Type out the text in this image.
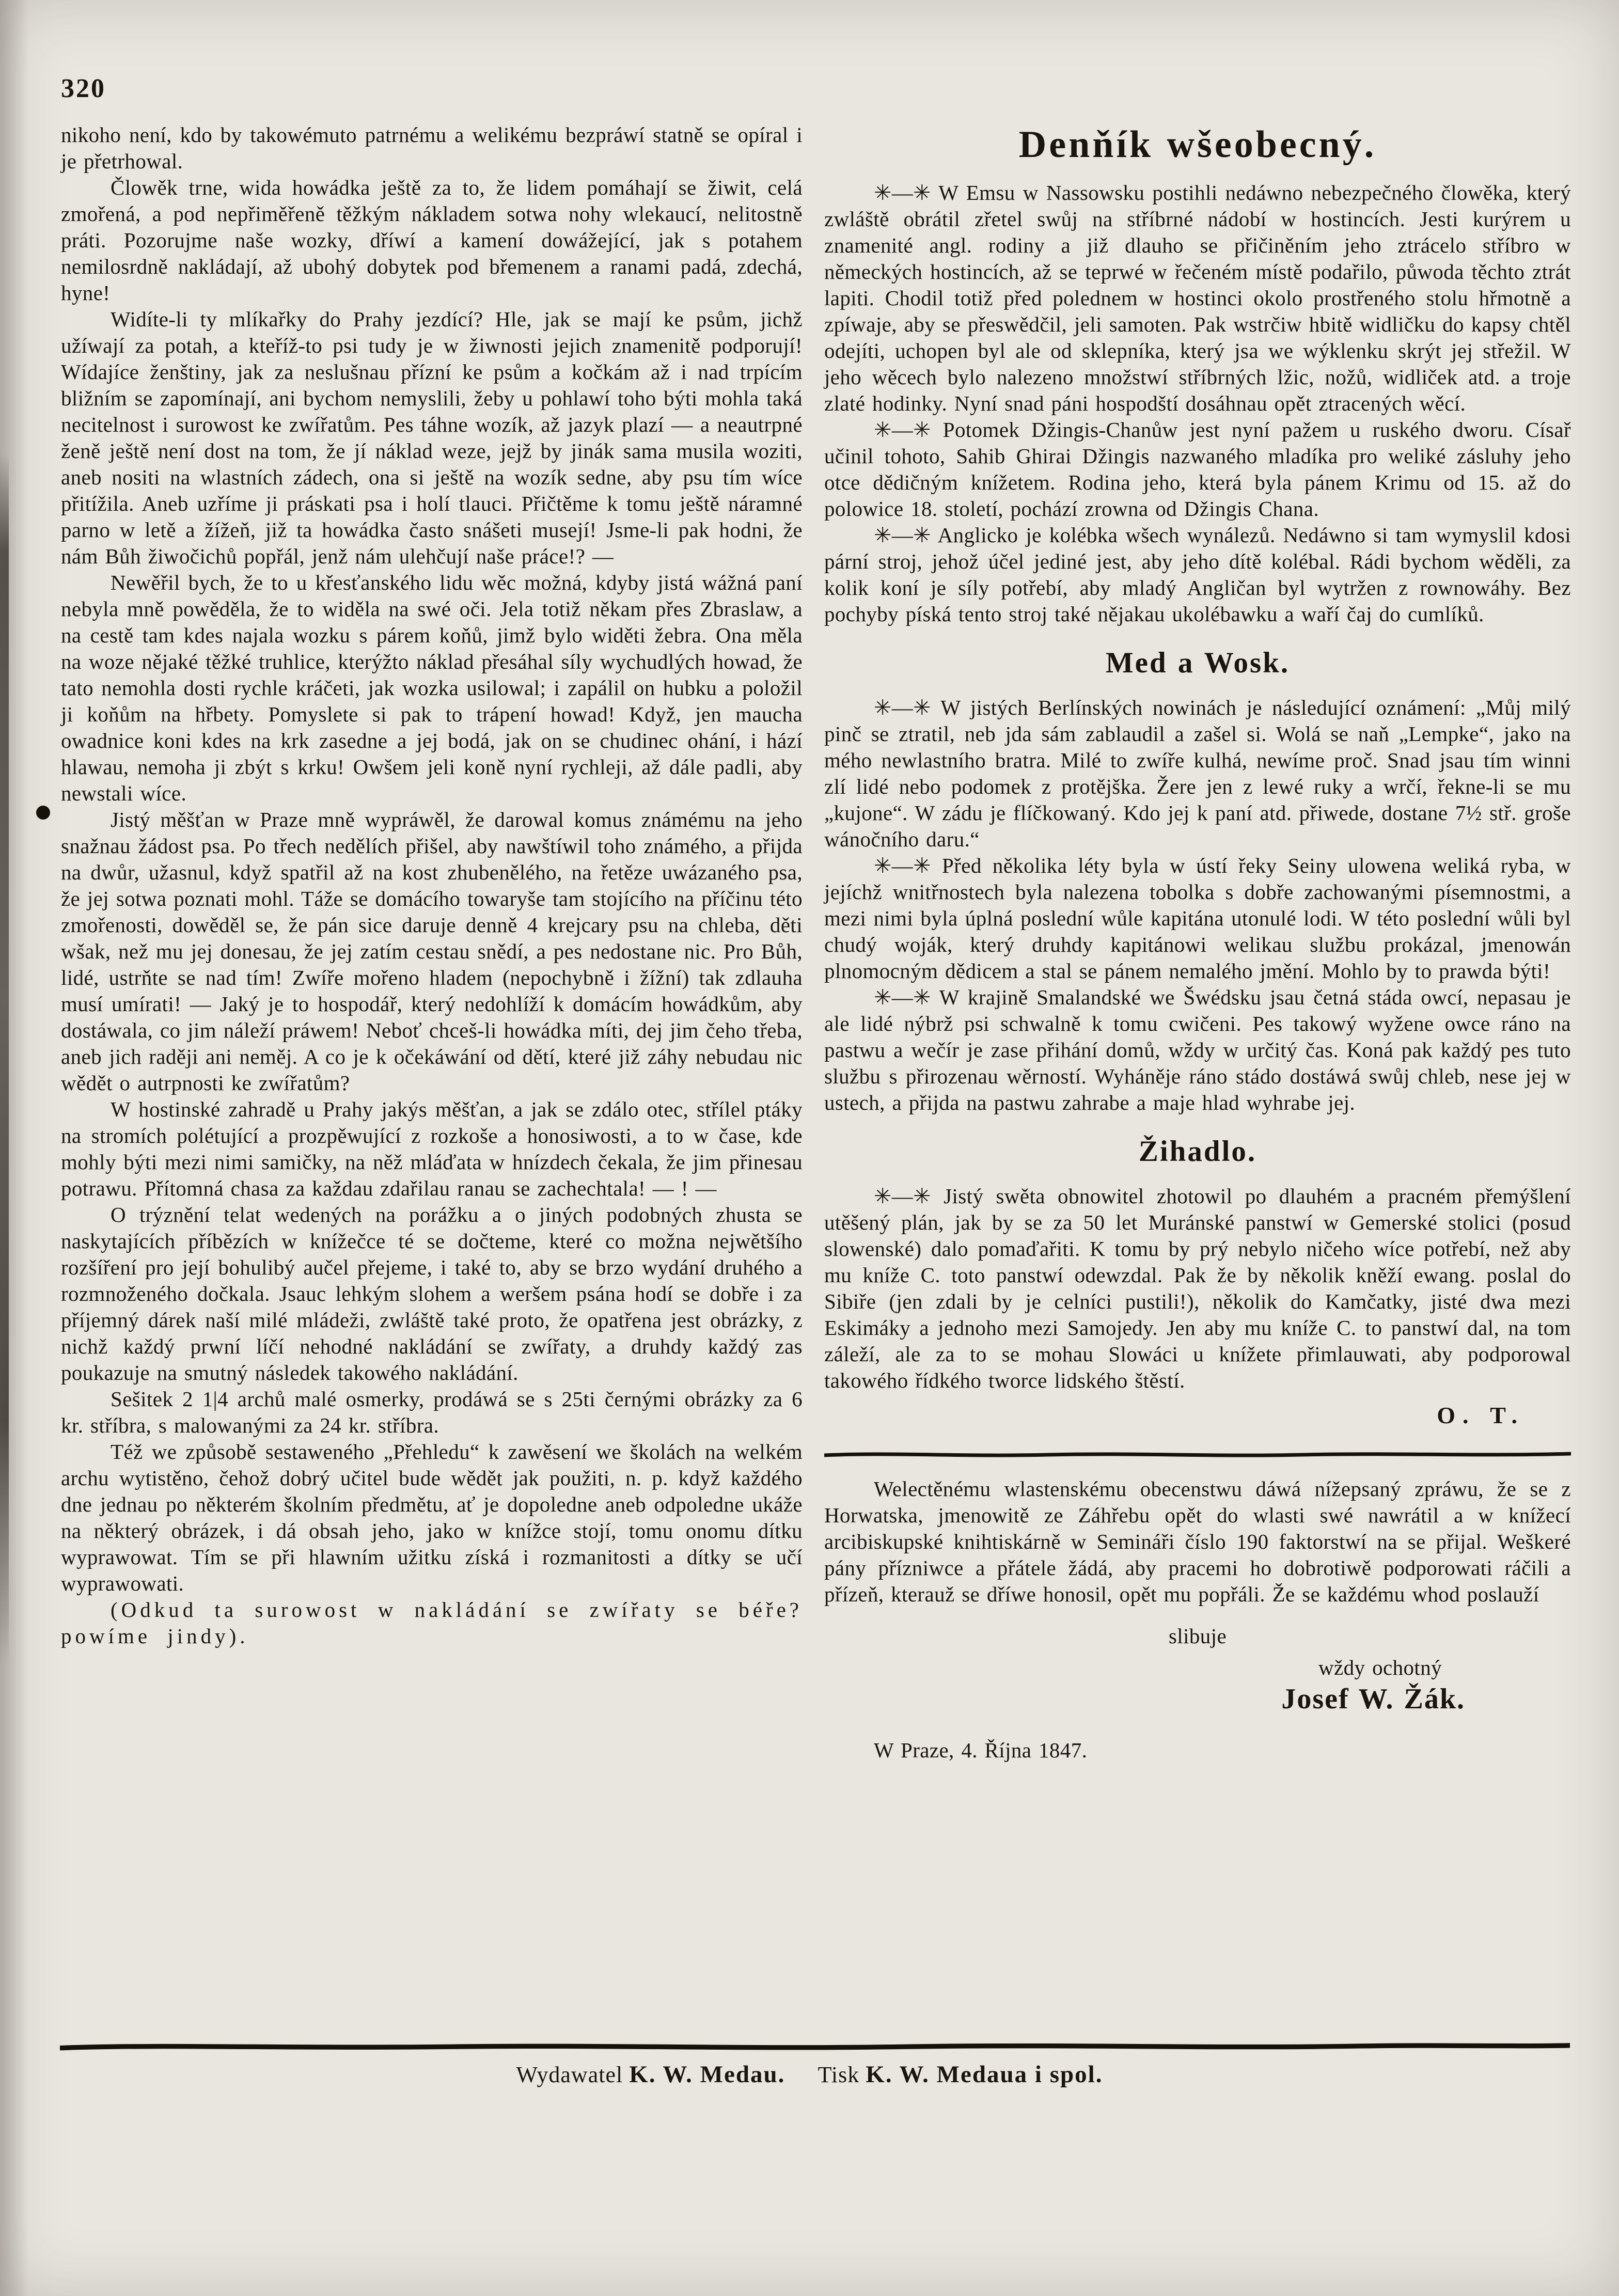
320

nikoho není, kdo by takowémuto patrnému a welikému bezpráwí statně se opíral i je přetrhowal.

Člowěk trne, wida howádka ještě za to, že lidem pomáhají se žiwit, celá zmořená, a pod nepřiměřeně těžkým nákladem sotwa nohy wlekaucí, nelitostně práti. Pozorujme naše wozky, dříwí a kamení dowážející, jak s potahem nemilosrdně nakládají, až ubohý dobytek pod břemenem a ranami padá, zdechá, hyne!

Widíte-li ty mlíkařky do Prahy jezdící? Hle, jak se mají ke psům, jichž užíwají za potah, a kteříž-to psi tudy je w žiwnosti jejich znamenitě podporují! Wídajíce ženštiny, jak za neslušnau přízní ke psům a kočkám až i nad trpícím bližním se zapomínají, ani bychom nemyslili, žeby u pohlawí toho býti mohla taká necitelnost i surowost ke zwířatům. Pes táhne wozík, až jazyk plazí — a neautrpné ženě ještě není dost na tom, že jí náklad weze, jejž by jinák sama musila woziti, aneb nositi na wlastních zádech, ona si ještě na wozík sedne, aby psu tím wíce přitížila. Aneb uzříme ji práskati psa i holí tlauci. Přičtěme k tomu ještě náramné parno w letě a žížeň, již ta howádka často snášeti musejí! Jsme-li pak hodni, že nám Bůh žiwočichů popřál, jenž nám ulehčují naše práce!? —

Newěřil bych, že to u křesťanského lidu wěc možná, kdyby jistá wážná paní nebyla mně powěděla, že to widěla na swé oči. Jela totiž někam přes Zbraslaw, a na cestě tam kdes najala wozku s párem koňů, jimž bylo widěti žebra. Ona měla na woze nějaké těžké truhlice, kterýžto náklad přesáhal síly wychudlých howad, že tato nemohla dosti rychle kráčeti, jak wozka usilowal; i zapálil on hubku a položil ji koňům na hřbety. Pomyslete si pak to trápení howad! Když, jen maucha owadnice koni kdes na krk zasedne a jej bodá, jak on se chudinec ohání, i hází hlawau, nemoha ji zbýt s krku! Owšem jeli koně nyní rychleji, až dále padli, aby newstali wíce.

Jistý měšťan w Praze mně wypráwěl, že darowal komus známému na jeho snažnau žádost psa. Po třech nedělích přišel, aby nawštíwil toho známého, a přijda na dwůr, užasnul, když spatřil až na kost zhubenělého, na řetěze uwázaného psa, že jej sotwa poznati mohl. Táže se domácího towaryše tam stojícího na příčinu této zmořenosti, dowěděl se, že pán sice daruje denně 4 krejcary psu na chleba, děti wšak, než mu jej donesau, že jej zatím cestau snědí, a pes nedostane nic. Pro Bůh, lidé, ustrňte se nad tím! Zwíře mořeno hladem (nepochybně i žížní) tak zdlauha musí umírati! — Jaký je to hospodář, který nedohlíží k domácím howádkům, aby dostáwala, co jim náleží práwem! Neboť chceš-li howádka míti, dej jim čeho třeba, aneb jich raději ani neměj. A co je k očekáwání od dětí, které již záhy nebudau nic wědět o autrpnosti ke zwířatům?

W hostinské zahradě u Prahy jakýs měšťan, a jak se zdálo otec, střílel ptáky na stromích polétující a prozpěwující z rozkoše a honosiwosti, a to w čase, kde mohly býti mezi nimi samičky, na něž mláďata w hnízdech čekala, že jim přinesau potrawu. Přítomná chasa za každau zdařilau ranau se zachechtala! — ! —

O trýznění telat wedených na porážku a o jiných podobných zhusta se naskytajících příbězích w knížečce té se dočteme, které co možna nejwětšího rozšíření pro její bohulibý aučel přejeme, i také to, aby se brzo wydání druhého a rozmnoženého dočkala. Jsauc lehkým slohem a weršem psána hodí se dobře i za příjemný dárek naší milé mládeži, zwláště také proto, že opatřena jest obrázky, z nichž každý prwní líčí nehodné nakládání se zwířaty, a druhdy každý zas poukazuje na smutný následek takowého nakládání.

Sešitek 2 1|4 archů malé osmerky, prodáwá se s 25ti černými obrázky za 6 kr. stříbra, s malowanými za 24 kr. stříbra.

Též we způsobě sestaweného „Přehledu“ k zawěsení we školách na welkém archu wytistěno, čehož dobrý učitel bude wědět jak použiti, n. p. když každého dne jednau po některém školním předmětu, ať je dopoledne aneb odpoledne ukáže na některý obrázek, i dá obsah jeho, jako w knížce stojí, tomu onomu dítku wyprawowat. Tím se při hlawním užitku získá i rozmanitosti a dítky se učí wyprawowati.

(Odkud ta surowost w nakládání se zwířaty se béře? powíme jindy).

Denňík wšeobecný.

✳—✳ W Emsu w Nassowsku postihli nedáwno nebezpečného člowěka, který zwláště obrátil zřetel swůj na stříbrné nádobí w hostincích. Jesti kurýrem u znamenité angl. rodiny a již dlauho se přičiněním jeho ztrácelo stříbro w německých hostincích, až se teprwé w řečeném místě podařilo, půwoda těchto ztrát lapiti. Chodil totiž před polednem w hostinci okolo prostřeného stolu hřmotně a zpíwaje, aby se přeswědčil, jeli samoten. Pak wstrčiw hbitě widličku do kapsy chtěl odejíti, uchopen byl ale od sklepníka, který jsa we wýklenku skrýt jej střežil. W jeho wěcech bylo nalezeno množstwí stříbrných lžic, nožů, widliček atd. a troje zlaté hodinky. Nyní snad páni hospodští dosáhnau opět ztracených wěcí.

✳—✳ Potomek Džingis-Chanůw jest nyní pažem u ruského dworu. Císař učinil tohoto, Sahib Ghirai Džingis nazwaného mladíka pro weliké zásluhy jeho otce dědičným knížetem. Rodina jeho, která byla pánem Krimu od 15. až do polowice 18. století, pochází zrowna od Džingis Chana.

✳—✳ Anglicko je kolébka wšech wynálezů. Nedáwno si tam wymyslil kdosi pární stroj, jehož účel jediné jest, aby jeho dítě kolébal. Rádi bychom wěděli, za kolik koní je síly potřebí, aby mladý Angličan byl wytržen z rownowáhy. Bez pochyby píská tento stroj také nějakau ukolébawku a waří čaj do cumlíků.

Med a Wosk.

✳—✳ W jistých Berlínských nowinách je následující oznámení: „Můj milý pinč se ztratil, neb jda sám zablaudil a zašel si. Wolá se naň „Lempke“, jako na mého newlastního bratra. Milé to zwíře kulhá, newíme proč. Snad jsau tím winni zlí lidé nebo podomek z protějška. Žere jen z lewé ruky a wrčí, řekne-li se mu „kujone“. W zádu je flíčkowaný. Kdo jej k paní atd. přiwede, dostane 7½ stř. groše wánočního daru.“

✳—✳ Před několika léty byla w ústí řeky Seiny ulowena weliká ryba, w jejíchž wnitřnostech byla nalezena tobolka s dobře zachowanými písemnostmi, a mezi nimi byla úplná poslední wůle kapitána utonulé lodi. W této poslední wůli byl chudý woják, který druhdy kapitánowi welikau službu prokázal, jmenowán plnomocným dědicem a stal se pánem nemalého jmění. Mohlo by to prawda býti!

✳—✳ W krajině Smalandské we Šwédsku jsau četná stáda owcí, nepasau je ale lidé nýbrž psi schwalně k tomu cwičeni. Pes takowý wyžene owce ráno na pastwu a wečír je zase přihání domů, wždy w určitý čas. Koná pak každý pes tuto službu s přirozenau wěrností. Wyháněje ráno stádo dostáwá swůj chleb, nese jej w ustech, a přijda na pastwu zahrabe a maje hlad wyhrabe jej.

Žihadlo.

✳—✳ Jistý swěta obnowitel zhotowil po dlauhém a pracném přemýšlení utěšený plán, jak by se za 50 let Muránské panstwí w Gemerské stolici (posud slowenské) dalo pomaďařiti. K tomu by prý nebylo ničeho wíce potřebí, než aby mu kníže C. toto panstwí odewzdal. Pak že by několik kněží ewang. poslal do Sibiře (jen zdali by je celníci pustili!), několik do Kamčatky, jisté dwa mezi Eskimáky a jednoho mezi Samojedy. Jen aby mu kníže C. to panstwí dal, na tom záleží, ale za to se mohau Slowáci u knížete přimlauwati, aby podporowal takowého řídkého tworce lidského štěstí.

O. T.

Welectěnému wlastenskému obecenstwu dáwá nížepsaný zpráwu, že se z Horwatska, jmenowitě ze Záhřebu opět do wlasti swé nawrátil a w knížecí arcibiskupské knihtiskárně w Semináři číslo 190 faktorstwí na se přijal. Weškeré pány přízniwce a přátele žádá, aby pracemi ho dobrotiwě podporowati ráčili a přízeň, kterauž se dříwe honosil, opět mu popřáli. Že se každému whod poslauží

slibuje

wždy ochotný

Josef W. Žák.

W Praze, 4. Října 1847.

Wydawatel K. W. Medau. Tisk K. W. Medaua i spol.
